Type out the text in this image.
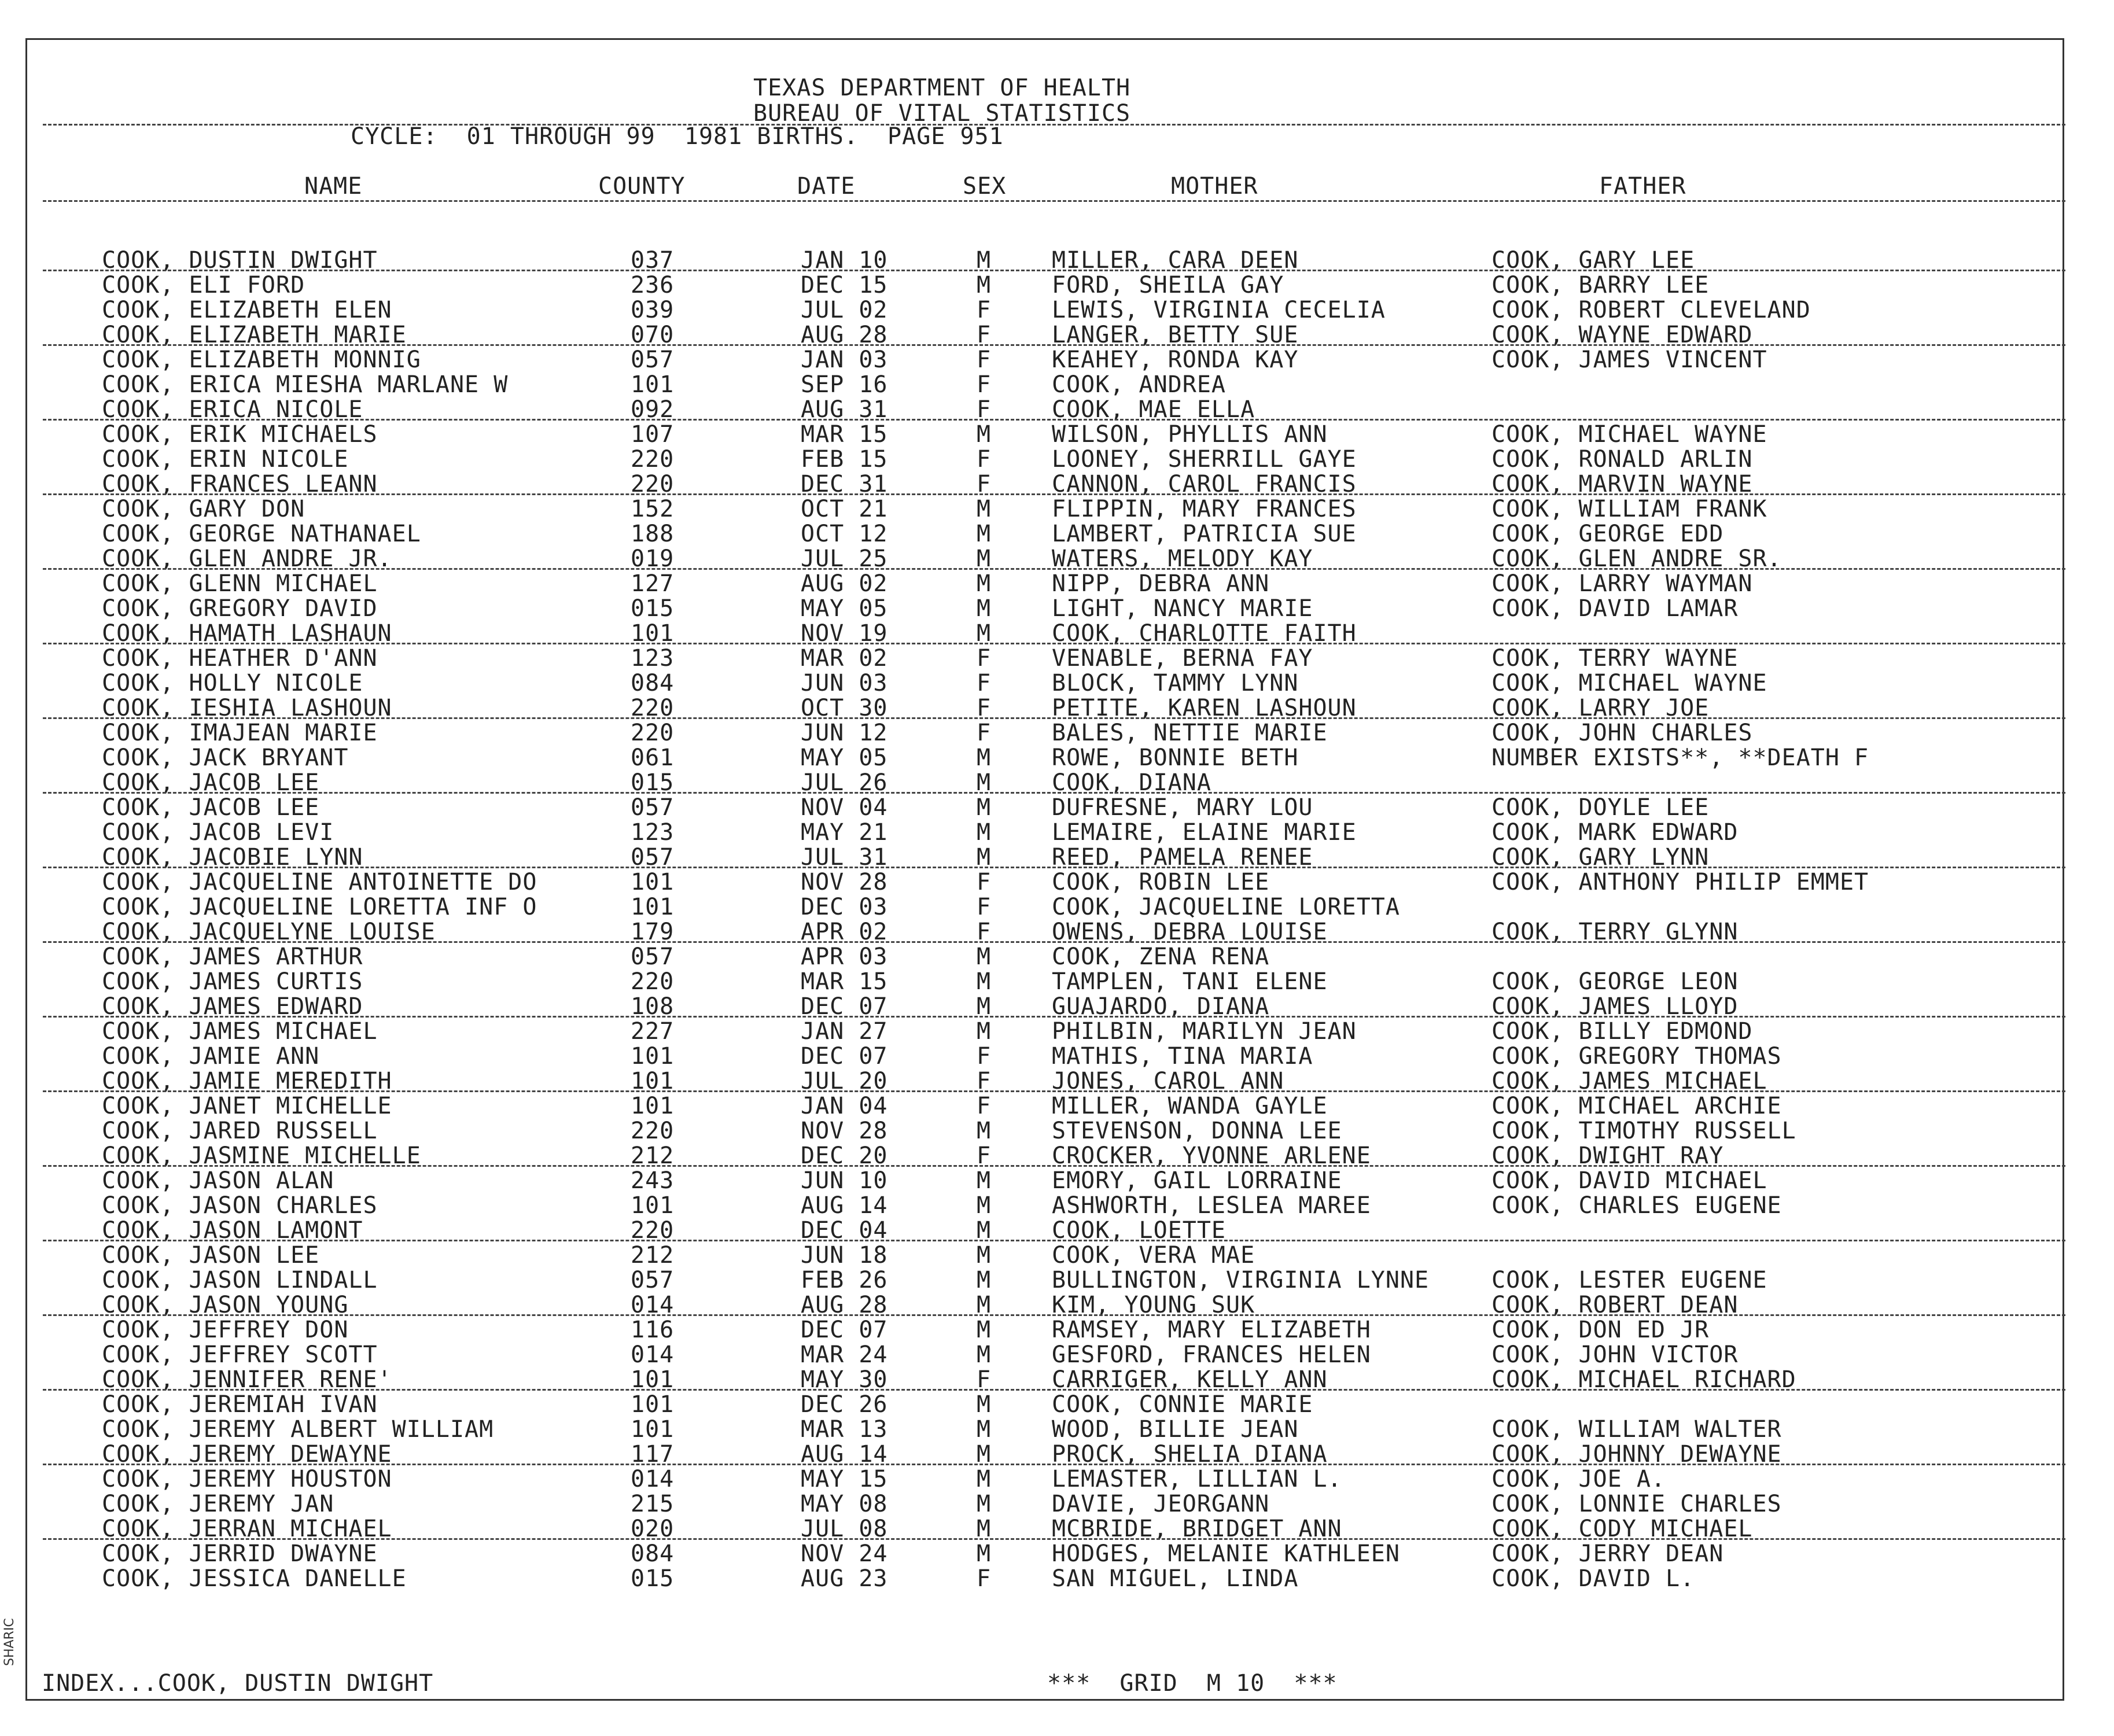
TEXAS DEPARTMENT OF HEALTH
BUREAU OF VITAL STATISTICS
CYCLE:  01 THROUGH 99  1981 BIRTHS.  PAGE 951
NAME	COUNTY	DATE	SEX	MOTHER	FATHER
COOK, DUSTIN DWIGHT	037	JAN 10	M	MILLER, CARA DEEN	COOK, GARY LEE
COOK, ELI FORD	236	DEC 15	M	FORD, SHEILA GAY	COOK, BARRY LEE
COOK, ELIZABETH ELEN	039	JUL 02	F	LEWIS, VIRGINIA CECELIA	COOK, ROBERT CLEVELAND
COOK, ELIZABETH MARIE	070	AUG 28	F	LANGER, BETTY SUE	COOK, WAYNE EDWARD
COOK, ELIZABETH MONNIG	057	JAN 03	F	KEAHEY, RONDA KAY	COOK, JAMES VINCENT
COOK, ERICA MIESHA MARLANE W	101	SEP 16	F	COOK, ANDREA
COOK, ERICA NICOLE	092	AUG 31	F	COOK, MAE ELLA
COOK, ERIK MICHAELS	107	MAR 15	M	WILSON, PHYLLIS ANN	COOK, MICHAEL WAYNE
COOK, ERIN NICOLE	220	FEB 15	F	LOONEY, SHERRILL GAYE	COOK, RONALD ARLIN
COOK, FRANCES LEANN	220	DEC 31	F	CANNON, CAROL FRANCIS	COOK, MARVIN WAYNE
COOK, GARY DON	152	OCT 21	M	FLIPPIN, MARY FRANCES	COOK, WILLIAM FRANK
COOK, GEORGE NATHANAEL	188	OCT 12	M	LAMBERT, PATRICIA SUE	COOK, GEORGE EDD
COOK, GLEN ANDRE JR.	019	JUL 25	M	WATERS, MELODY KAY	COOK, GLEN ANDRE SR.
COOK, GLENN MICHAEL	127	AUG 02	M	NIPP, DEBRA ANN	COOK, LARRY WAYMAN
COOK, GREGORY DAVID	015	MAY 05	M	LIGHT, NANCY MARIE	COOK, DAVID LAMAR
COOK, HAMATH LASHAUN	101	NOV 19	M	COOK, CHARLOTTE FAITH
COOK, HEATHER D'ANN	123	MAR 02	F	VENABLE, BERNA FAY	COOK, TERRY WAYNE
COOK, HOLLY NICOLE	084	JUN 03	F	BLOCK, TAMMY LYNN	COOK, MICHAEL WAYNE
COOK, IESHIA LASHOUN	220	OCT 30	F	PETITE, KAREN LASHOUN	COOK, LARRY JOE
COOK, IMAJEAN MARIE	220	JUN 12	F	BALES, NETTIE MARIE	COOK, JOHN CHARLES
COOK, JACK BRYANT	061	MAY 05	M	ROWE, BONNIE BETH	NUMBER EXISTS**, **DEATH F
COOK, JACOB LEE	015	JUL 26	M	COOK, DIANA
COOK, JACOB LEE	057	NOV 04	M	DUFRESNE, MARY LOU	COOK, DOYLE LEE
COOK, JACOB LEVI	123	MAY 21	M	LEMAIRE, ELAINE MARIE	COOK, MARK EDWARD
COOK, JACOBIE LYNN	057	JUL 31	M	REED, PAMELA RENEE	COOK, GARY LYNN
COOK, JACQUELINE ANTOINETTE DO	101	NOV 28	F	COOK, ROBIN LEE	COOK, ANTHONY PHILIP EMMET
COOK, JACQUELINE LORETTA INF O	101	DEC 03	F	COOK, JACQUELINE LORETTA
COOK, JACQUELYNE LOUISE	179	APR 02	F	OWENS, DEBRA LOUISE	COOK, TERRY GLYNN
COOK, JAMES ARTHUR	057	APR 03	M	COOK, ZENA RENA
COOK, JAMES CURTIS	220	MAR 15	M	TAMPLEN, TANI ELENE	COOK, GEORGE LEON
COOK, JAMES EDWARD	108	DEC 07	M	GUAJARDO, DIANA	COOK, JAMES LLOYD
COOK, JAMES MICHAEL	227	JAN 27	M	PHILBIN, MARILYN JEAN	COOK, BILLY EDMOND
COOK, JAMIE ANN	101	DEC 07	F	MATHIS, TINA MARIA	COOK, GREGORY THOMAS
COOK, JAMIE MEREDITH	101	JUL 20	F	JONES, CAROL ANN	COOK, JAMES MICHAEL
COOK, JANET MICHELLE	101	JAN 04	F	MILLER, WANDA GAYLE	COOK, MICHAEL ARCHIE
COOK, JARED RUSSELL	220	NOV 28	M	STEVENSON, DONNA LEE	COOK, TIMOTHY RUSSELL
COOK, JASMINE MICHELLE	212	DEC 20	F	CROCKER, YVONNE ARLENE	COOK, DWIGHT RAY
COOK, JASON ALAN	243	JUN 10	M	EMORY, GAIL LORRAINE	COOK, DAVID MICHAEL
COOK, JASON CHARLES	101	AUG 14	M	ASHWORTH, LESLEA MAREE	COOK, CHARLES EUGENE
COOK, JASON LAMONT	220	DEC 04	M	COOK, LOETTE
COOK, JASON LEE	212	JUN 18	M	COOK, VERA MAE
COOK, JASON LINDALL	057	FEB 26	M	BULLINGTON, VIRGINIA LYNNE	COOK, LESTER EUGENE
COOK, JASON YOUNG	014	AUG 28	M	KIM, YOUNG SUK	COOK, ROBERT DEAN
COOK, JEFFREY DON	116	DEC 07	M	RAMSEY, MARY ELIZABETH	COOK, DON ED JR
COOK, JEFFREY SCOTT	014	MAR 24	M	GESFORD, FRANCES HELEN	COOK, JOHN VICTOR
COOK, JENNIFER RENE'	101	MAY 30	F	CARRIGER, KELLY ANN	COOK, MICHAEL RICHARD
COOK, JEREMIAH IVAN	101	DEC 26	M	COOK, CONNIE MARIE
COOK, JEREMY ALBERT WILLIAM	101	MAR 13	M	WOOD, BILLIE JEAN	COOK, WILLIAM WALTER
COOK, JEREMY DEWAYNE	117	AUG 14	M	PROCK, SHELIA DIANA	COOK, JOHNNY DEWAYNE
COOK, JEREMY HOUSTON	014	MAY 15	M	LEMASTER, LILLIAN L.	COOK, JOE A.
COOK, JEREMY JAN	215	MAY 08	M	DAVIE, JEORGANN	COOK, LONNIE CHARLES
COOK, JERRAN MICHAEL	020	JUL 08	M	MCBRIDE, BRIDGET ANN	COOK, CODY MICHAEL
COOK, JERRID DWAYNE	084	NOV 24	M	HODGES, MELANIE KATHLEEN	COOK, JERRY DEAN
COOK, JESSICA DANELLE	015	AUG 23	F	SAN MIGUEL, LINDA	COOK, DAVID L.
INDEX...COOK, DUSTIN DWIGHT	***  GRID  M 10  ***
SHARIC
